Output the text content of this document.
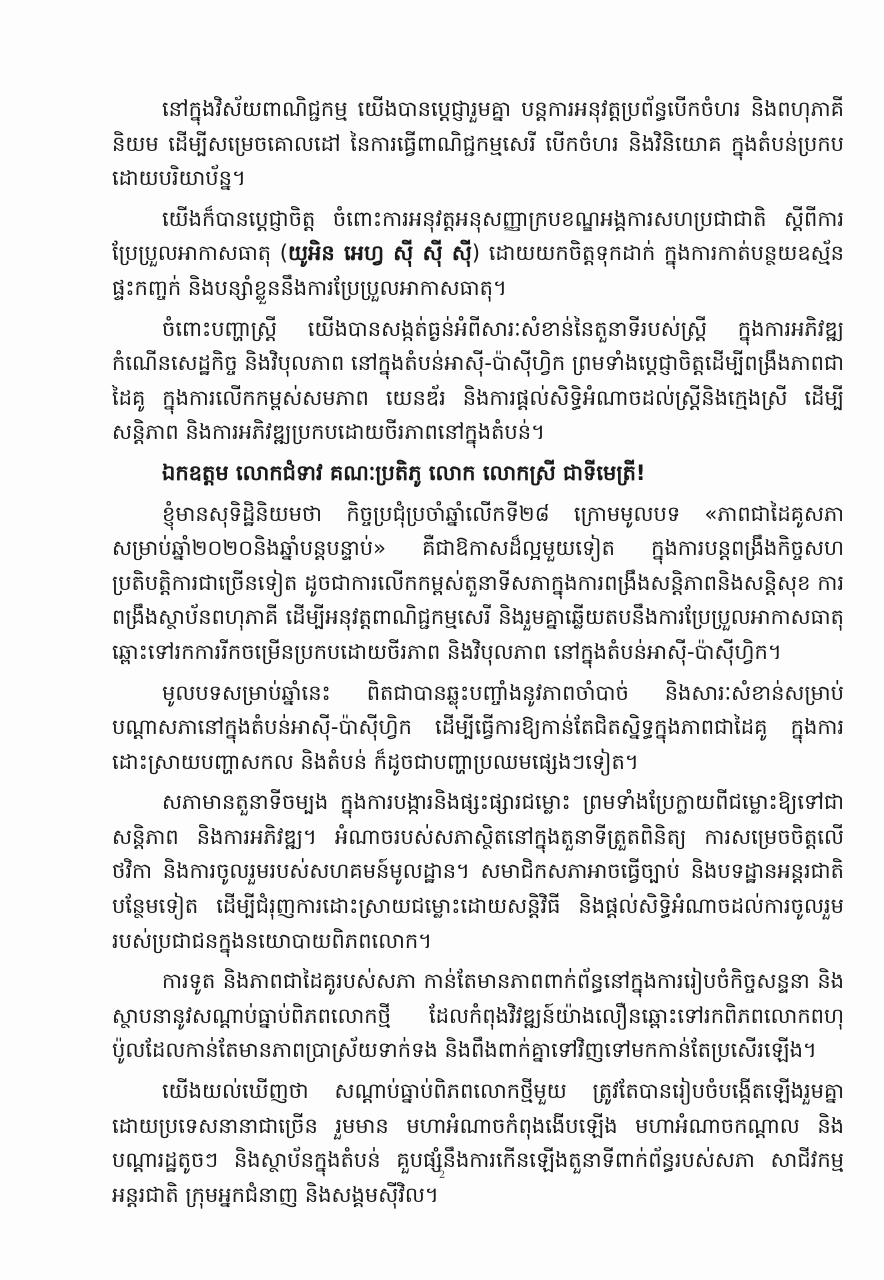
នៅក្នុងវិស័យពាណិជ្ជកម្ម យើងបានប្ដេជ្ញារួមគ្នា បន្តការអនុវត្តប្រព័ន្ធបើកចំហរ និងពហុភាគីនិយម ដើម្បីសម្រេចគោលដៅ នៃការធ្វើពាណិជ្ជកម្មសេរី បើកចំហរ និងវិនិយោគ ក្នុងតំបន់ប្រកបដោយបរិយាប័ន្ន។

យើងក៏បានប្ដេជ្ញាចិត្ត ចំពោះការអនុវត្តអនុសញ្ញាក្របខណ្ឌអង្គការសហប្រជាជាតិ ស្ដីពីការប្រែប្រួលអាកាសធាតុ (យូអិន អេហ្វ ស៊ី ស៊ី ស៊ី) ដោយយកចិត្តទុកដាក់ ក្នុងការកាត់បន្ថយឧស្ម័នផ្ទះកញ្ចក់ និងបន្សាំខ្លួននឹងការប្រែប្រួលអាកាសធាតុ។

ចំពោះបញ្ហាស្ត្រី យើងបានសង្កត់ធ្ងន់អំពីសារៈសំខាន់នៃតួនាទីរបស់ស្ត្រី ក្នុងការអភិវឌ្ឍកំណើនសេដ្ឋកិច្ច និងវិបុលភាព នៅក្នុងតំបន់អាស៊ី-ប៉ាស៊ីហ្វិក ព្រមទាំងប្ដេជ្ញាចិត្តដើម្បីពង្រឹងភាពជាដៃគូ ក្នុងការលើកកម្ពស់សមភាព យេនឌ័រ និងការផ្ដល់សិទ្ធិអំណាចដល់ស្ត្រីនិងក្មេងស្រី ដើម្បីសន្តិភាព និងការអភិវឌ្ឍប្រកបដោយចីរភាពនៅក្នុងតំបន់។

ឯកឧត្ដម លោកជំទាវ គណៈប្រតិភូ លោក លោកស្រី ជាទីមេត្រី!

ខ្ញុំមានសុទិដ្ឋិនិយមថា កិច្ចប្រជុំប្រចាំឆ្នាំលើកទី២៨ ក្រោមមូលបទ «ភាពជាដៃគូសភាសម្រាប់ឆ្នាំ២០២០និងឆ្នាំបន្តបន្ទាប់» គឺជាឱកាសដ៏ល្អមួយទៀត ក្នុងការបន្តពង្រឹងកិច្ចសហប្រតិបត្តិការជាច្រើនទៀត ដូចជាការលើកកម្ពស់តួនាទីសភាក្នុងការពង្រឹងសន្តិភាពនិងសន្តិសុខ ការពង្រឹងស្ថាប័នពហុភាគី ដើម្បីអនុវត្តពាណិជ្ជកម្មសេរី និងរួមគ្នាឆ្លើយតបនឹងការប្រែប្រួលអាកាសធាតុឆ្ពោះទៅរកការរីកចម្រើនប្រកបដោយចីរភាព និងវិបុលភាព នៅក្នុងតំបន់អាស៊ី-ប៉ាស៊ីហ្វិក។

មូលបទសម្រាប់ឆ្នាំនេះ ពិតជាបានឆ្លុះបញ្ចាំងនូវភាពចាំបាច់ និងសារៈសំខាន់សម្រាប់បណ្ដាសភានៅក្នុងតំបន់អាស៊ី-ប៉ាស៊ីហ្វិក ដើម្បីធ្វើការឱ្យកាន់តែជិតស្និទ្ធក្នុងភាពជាដៃគូ ក្នុងការដោះស្រាយបញ្ហាសកល និងតំបន់ ក៏ដូចជាបញ្ហាប្រឈមផ្សេងៗទៀត។

សភាមានតួនាទីចម្បង ក្នុងការបង្ការនិងផ្សះផ្សារជម្លោះ ព្រមទាំងប្រែក្លាយពីជម្លោះឱ្យទៅជាសន្តិភាព និងការអភិវឌ្ឍ។ អំណាចរបស់សភាស្ថិតនៅក្នុងតួនាទីត្រួតពិនិត្យ ការសម្រេចចិត្តលើថវិកា និងការចូលរួមរបស់សហគមន៍មូលដ្ឋាន។ សមាជិកសភាអាចធ្វើច្បាប់ និងបទដ្ឋានអន្តរជាតិបន្ថែមទៀត ដើម្បីជំរុញការដោះស្រាយជម្លោះដោយសន្តិវិធី និងផ្ដល់សិទ្ធិអំណាចដល់ការចូលរួមរបស់ប្រជាជនក្នុងនយោបាយពិភពលោក។

ការទូត និងភាពជាដៃគូរបស់សភា កាន់តែមានភាពពាក់ព័ន្ធនៅក្នុងការរៀបចំកិច្ចសន្ទនា និងស្ថាបនានូវសណ្ដាប់ធ្នាប់ពិភពលោកថ្មី ដែលកំពុងវិវឌ្ឍន៍យ៉ាងលឿនឆ្ពោះទៅរកពិភពលោកពហុប៉ូលដែលកាន់តែមានភាពប្រាស្រ័យទាក់ទង និងពឹងពាក់គ្នាទៅវិញទៅមកកាន់តែប្រសើរឡើង។

យើងយល់ឃើញថា សណ្ដាប់ធ្នាប់ពិភពលោកថ្មីមួយ ត្រូវតែបានរៀបចំបង្កើតឡើងរួមគ្នាដោយប្រទេសនានាជាច្រើន រួមមាន មហាអំណាចកំពុងងើបឡើង មហាអំណាចកណ្ដាល និងបណ្ដារដ្ឋតូចៗ និងស្ថាប័នក្នុងតំបន់ គួបផ្សំនឹងការកើនឡើងតួនាទីពាក់ព័ន្ធរបស់សភា សាជីវកម្មអន្តរជាតិ ក្រុមអ្នកជំនាញ និងសង្គមស៊ីវិល។

2
